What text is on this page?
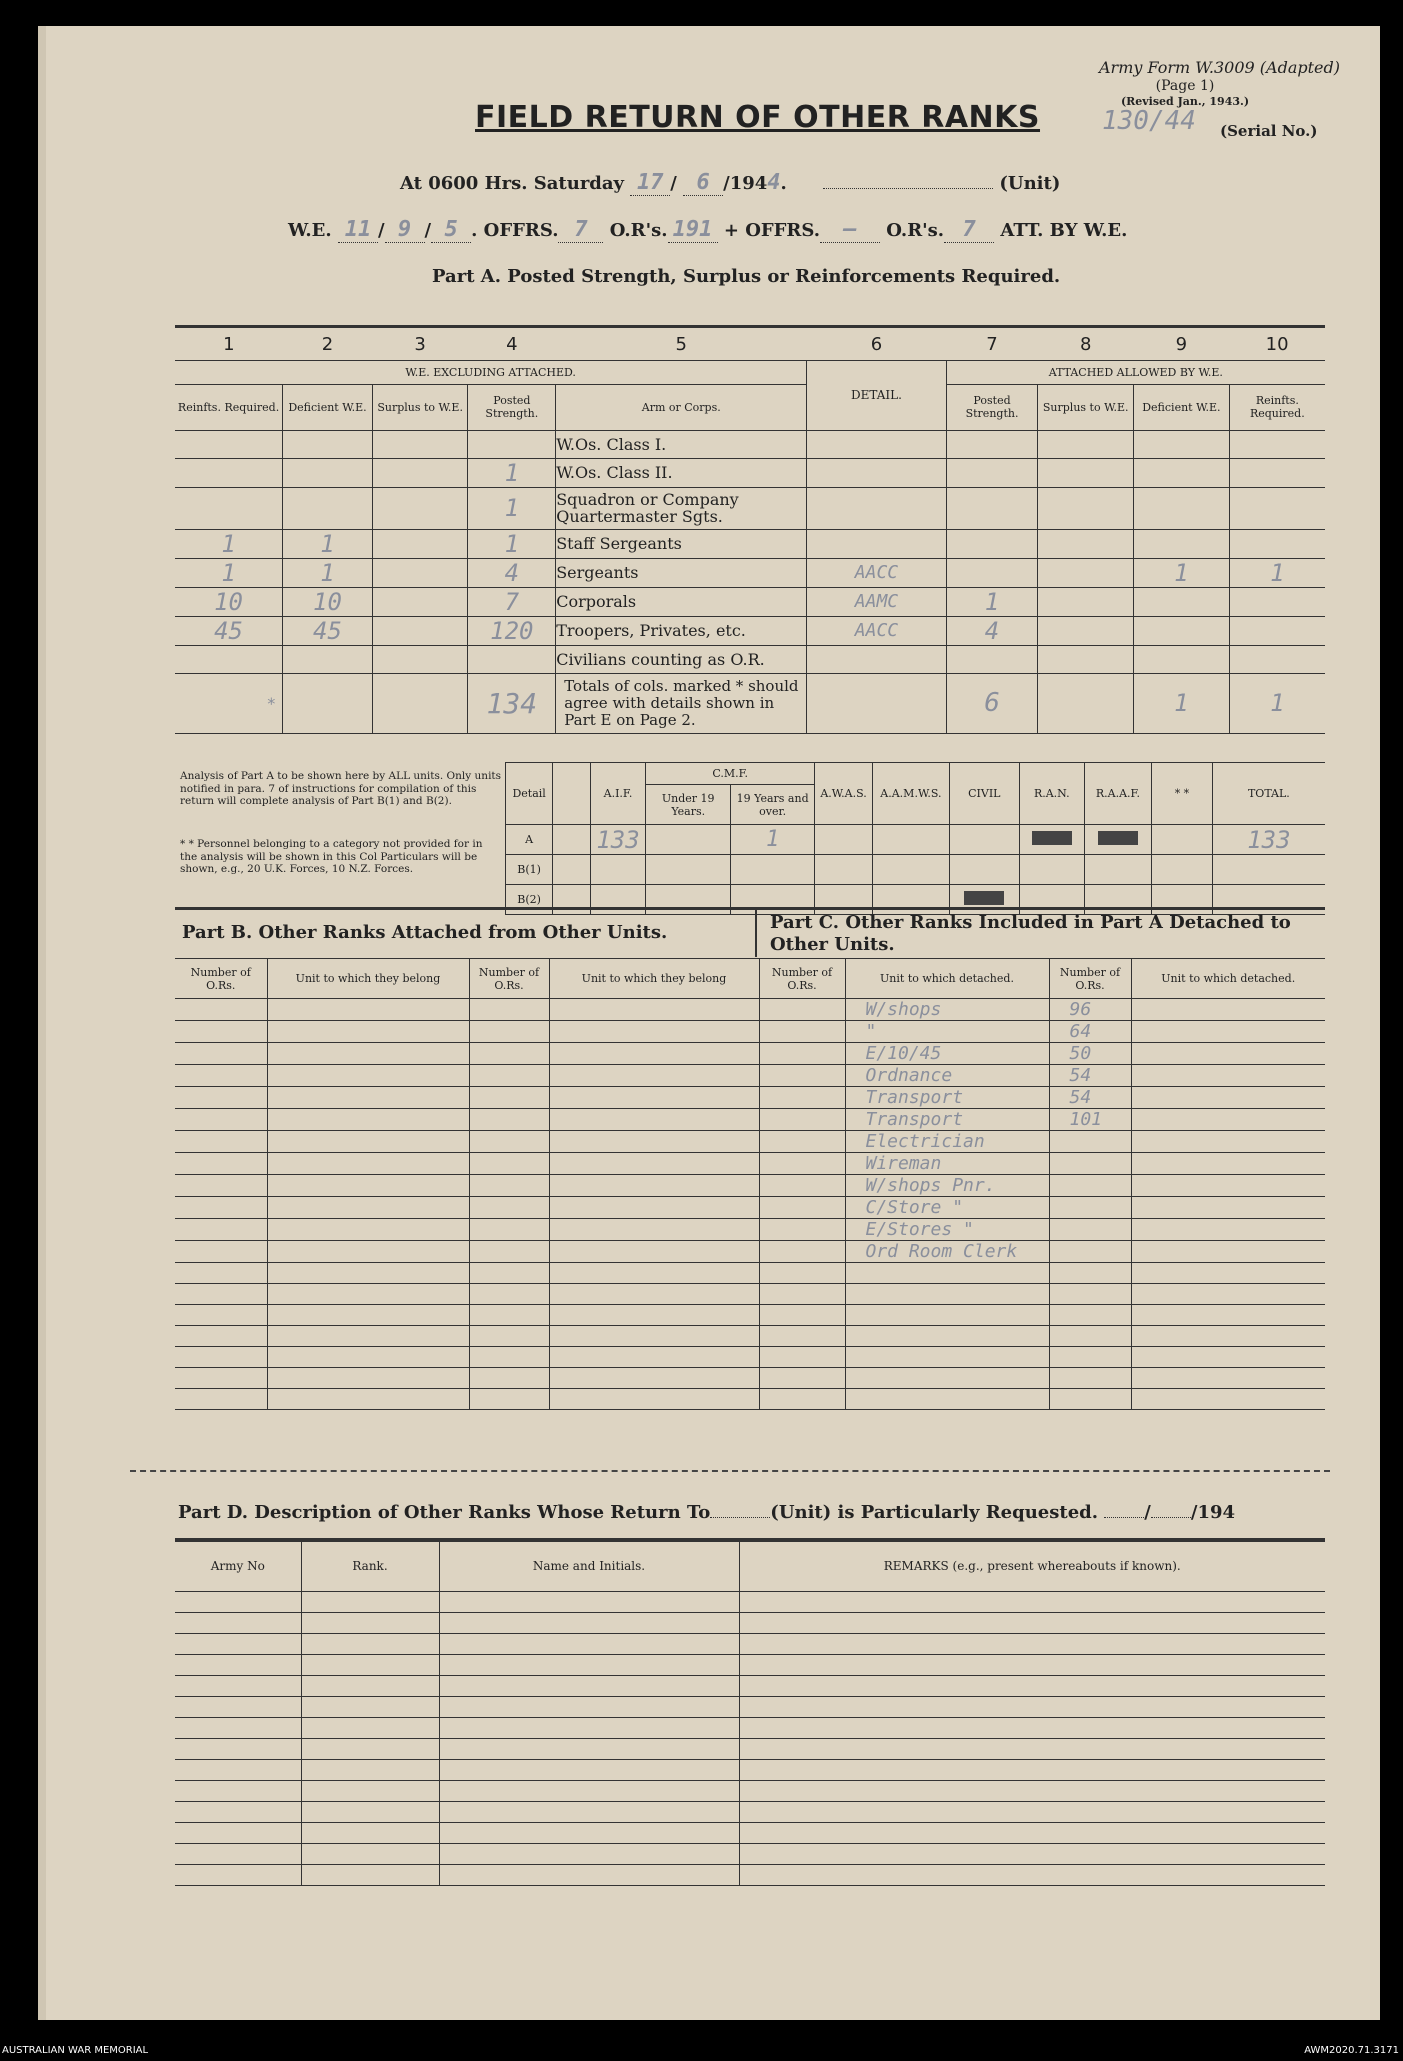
Army Form W.3009 (Adapted)
(Page 1)
(Revised Jan., 1943.)
130/44 (Serial No.)
FIELD RETURN OF OTHER RANKS
At 0600 Hrs. Saturday 17 / 6 /1944.	(Unit)
W.E. 11 / 9 / 5 . OFFRS. 7 O.R's. 191 + OFFRS. — O.R's. 7 ATT. BY W.E.
Part A. Posted Strength, Surplus or Reinforcements Required.
1	2	3	4	5	6	7	8	9	10
W.E. EXCLUDING ATTACHED.					DETAIL.	ATTACHED ALLOWED BY W.E.			
Reinfts. Required.	Deficient W.E.	Surplus to W.E.	Posted Strength.	Arm or Corps.		Posted Strength.	Surplus to W.E.	Deficient W.E.	Reinfts. Required.
				W.Os. Class I.					
			1	W.Os. Class II.					
			1	Squadron or Company Quartermaster Sgts.					
1	1		1	Staff Sergeants					
1	1		4	Sergeants	AACC			1	1
10	10		7	Corporals	AAMC	1			
45	45		120	Troopers, Privates, etc.	AACC	4			
				Civilians counting as O.R.					
*			134	Totals of cols. marked * should agree with details shown in Part E on Page 2.		6		1	1
Analysis of Part A to be shown here by ALL units. Only units notified in para. 7 of instructions for compilation of this return will complete analysis of Part B(1) and B(2).
* * Personnel belonging to a category not provided for in the analysis will be shown in this Col Particulars will be shown, e.g., 20 U.K. Forces, 10 N.Z. Forces.
Detail		A.I.F.	C.M.F.		A.W.A.S.	A.A.M.W.S.	CIVIL	R.A.N.	R.A.A.F.	* *	TOTAL.
			Under 19 Years.	19 Years and over.							
A		133		1							133
B(1)											
B(2)											
Part B. Other Ranks Attached from Other Units.	Part C. Other Ranks Included in Part A Detached to Other Units.
Number of O.Rs.	Unit to which they belong	Number of O.Rs.	Unit to which they belong	Number of O.Rs.	Unit to which detached.	Number of O.Rs.	Unit to which detached.
					W/shops	96	
					"	64	
					E/10/45	50	
					Ordnance	54	
					Transport	54	
					Transport	101	
					Electrician		
					Wireman		
					W/shops Pnr.		
					C/Store "		
					E/Stores "		
					Ord Room Clerk		

Part D. Description of Other Ranks Whose Return To	(Unit) is Particularly Requested.	/ /194
Army No	Rank.	Name and Initials.	REMARKS (e.g., present whereabouts if known).

AUSTRALIAN WAR MEMORIAL	AWM2020.71.3171
